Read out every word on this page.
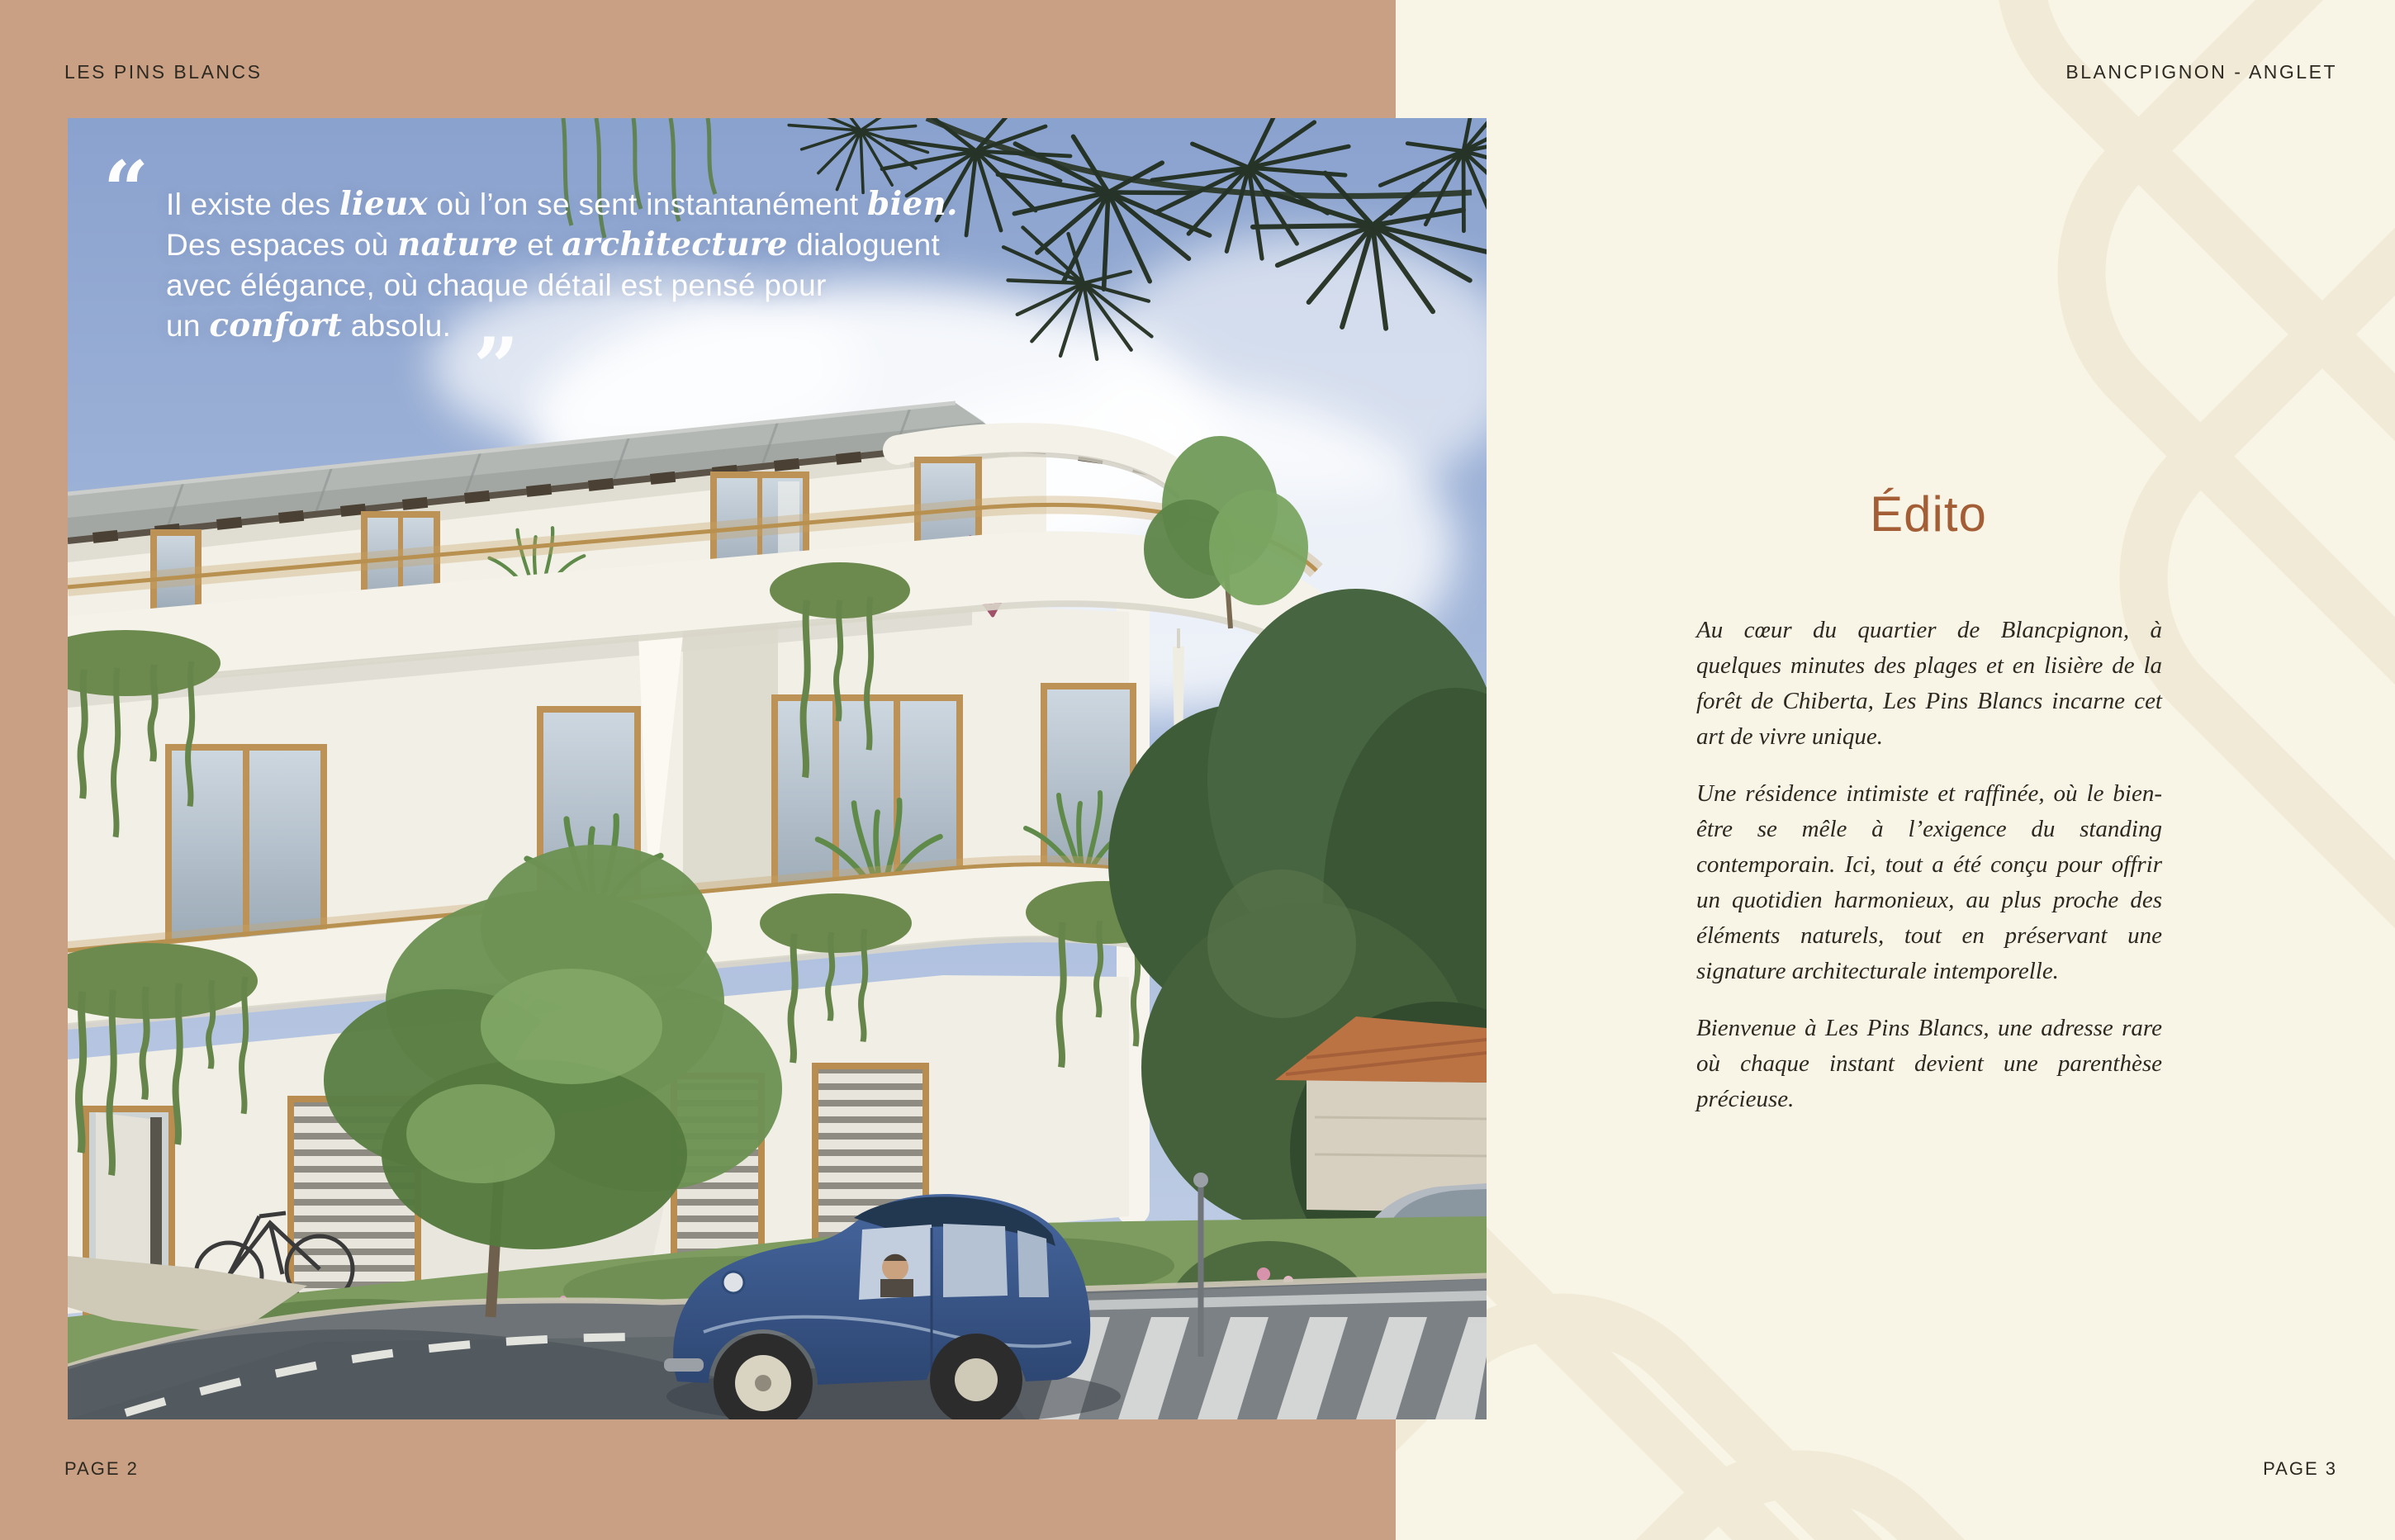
Édito

Au cœur du quartier de Blancpignon, à quelques minutes des plages et en lisière de la forêt de Chiberta, Les Pins Blancs incarne cet art de vivre unique.

Une résidence intimiste et raffinée, où le bien-être se mêle à l’exigence du standing contemporain. Ici, tout a été conçu pour offrir un quotidien harmonieux, au plus proche des éléments naturels, tout en préservant une signature architecturale intemporelle.

Bienvenue à Les Pins Blancs, une adresse rare où chaque instant devient une parenthèse précieuse.

LES PINS BLANCS	BLANCPIGNON - ANGLET
PAGE 2	PAGE 3
“ Il existe des lieux où l’on se sent instantanément bien.
Des espaces où nature et architecture dialoguent
avec élégance, où chaque détail est pensé pour
un confort absolu. ”
